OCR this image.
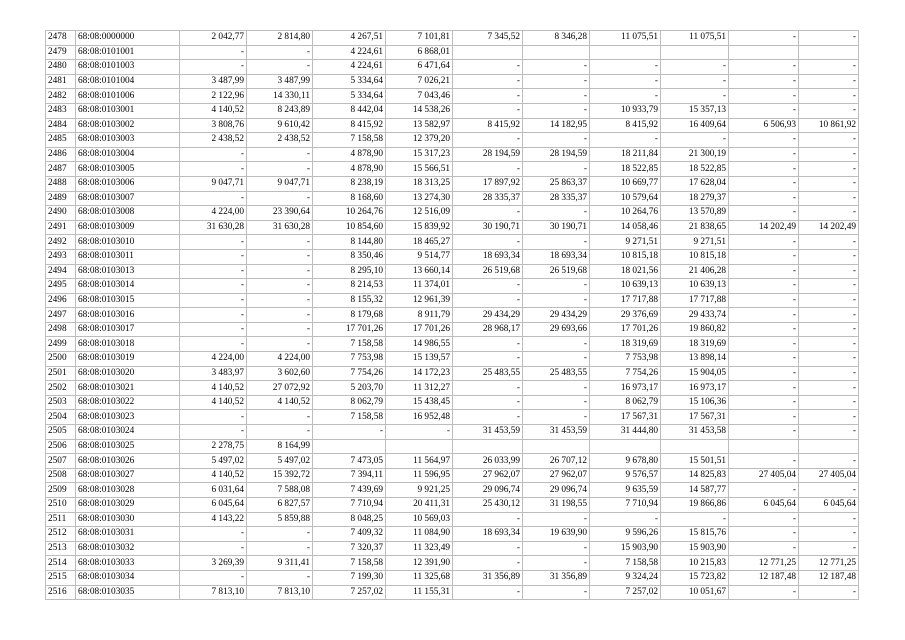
2478	68:08:0000000	2 042,77	2 814,80	4 267,51	7 101,81	7 345,52	8 346,28	11 075,51	11 075,51	-	-
2479	68:08:0101001	-	-	4 224,61	6 868,01						
2480	68:08:0101003	-	-	4 224,61	6 471,64	-	-	-	-	-	-
2481	68:08:0101004	3 487,99	3 487,99	5 334,64	7 026,21	-	-	-	-	-	-
2482	68:08:0101006	2 122,96	14 330,11	5 334,64	7 043,46	-	-	-	-	-	-
2483	68:08:0103001	4 140,52	8 243,89	8 442,04	14 538,26	-	-	10 933,79	15 357,13	-	-
2484	68:08:0103002	3 808,76	9 610,42	8 415,92	13 582,97	8 415,92	14 182,95	8 415,92	16 409,64	6 506,93	10 861,92
2485	68:08:0103003	2 438,52	2 438,52	7 158,58	12 379,20	-	-	-	-	-	-
2486	68:08:0103004	-	-	4 878,90	15 317,23	28 194,59	28 194,59	18 211,84	21 300,19	-	-
2487	68:08:0103005	-	-	4 878,90	15 566,51	-	-	18 522,85	18 522,85	-	-
2488	68:08:0103006	9 047,71	9 047,71	8 238,19	18 313,25	17 897,92	25 863,37	10 669,77	17 628,04	-	-
2489	68:08:0103007	-	-	8 168,60	13 274,30	28 335,37	28 335,37	10 579,64	18 279,37	-	-
2490	68:08:0103008	4 224,00	23 390,64	10 264,76	12 516,09	-	-	10 264,76	13 570,89	-	-
2491	68:08:0103009	31 630,28	31 630,28	10 854,60	15 839,92	30 190,71	30 190,71	14 058,46	21 838,65	14 202,49	14 202,49
2492	68:08:0103010	-	-	8 144,80	18 465,27	-	-	9 271,51	9 271,51	-	-
2493	68:08:0103011	-	-	8 350,46	9 514,77	18 693,34	18 693,34	10 815,18	10 815,18	-	-
2494	68:08:0103013	-	-	8 295,10	13 660,14	26 519,68	26 519,68	18 021,56	21 406,28	-	-
2495	68:08:0103014	-	-	8 214,53	11 374,01	-	-	10 639,13	10 639,13	-	-
2496	68:08:0103015	-	-	8 155,32	12 961,39	-	-	17 717,88	17 717,88	-	-
2497	68:08:0103016	-	-	8 179,68	8 911,79	29 434,29	29 434,29	29 376,69	29 433,74	-	-
2498	68:08:0103017	-	-	17 701,26	17 701,26	28 968,17	29 693,66	17 701,26	19 860,82	-	-
2499	68:08:0103018	-	-	7 158,58	14 986,55	-	-	18 319,69	18 319,69	-	-
2500	68:08:0103019	4 224,00	4 224,00	7 753,98	15 139,57	-	-	7 753,98	13 898,14	-	-
2501	68:08:0103020	3 483,97	3 602,60	7 754,26	14 172,23	25 483,55	25 483,55	7 754,26	15 904,05	-	-
2502	68:08:0103021	4 140,52	27 072,92	5 203,70	11 312,27	-	-	16 973,17	16 973,17	-	-
2503	68:08:0103022	4 140,52	4 140,52	8 062,79	15 438,45	-	-	8 062,79	15 106,36	-	-
2504	68:08:0103023	-	-	7 158,58	16 952,48	-	-	17 567,31	17 567,31	-	-
2505	68:08:0103024	-	-	-	-	31 453,59	31 453,59	31 444,80	31 453,58	-	-
2506	68:08:0103025	2 278,75	8 164,99								
2507	68:08:0103026	5 497,02	5 497,02	7 473,05	11 564,97	26 033,99	26 707,12	9 678,80	15 501,51	-	-
2508	68:08:0103027	4 140,52	15 392,72	7 394,11	11 596,95	27 962,07	27 962,07	9 576,57	14 825,83	27 405,04	27 405,04
2509	68:08:0103028	6 031,64	7 588,08	7 439,69	9 921,25	29 096,74	29 096,74	9 635,59	14 587,77	-	-
2510	68:08:0103029	6 045,64	6 827,57	7 710,94	20 411,31	25 430,12	31 198,55	7 710,94	19 866,86	6 045,64	6 045,64
2511	68:08:0103030	4 143,22	5 859,88	8 048,25	10 569,03	-	-	-	-	-	-
2512	68:08:0103031	-	-	7 409,32	11 084,90	18 693,34	19 639,90	9 596,26	15 815,76	-	-
2513	68:08:0103032	-	-	7 320,37	11 323,49	-	-	15 903,90	15 903,90	-	-
2514	68:08:0103033	3 269,39	9 311,41	7 158,58	12 391,90	-	-	7 158,58	10 215,83	12 771,25	12 771,25
2515	68:08:0103034	-	-	7 199,30	11 325,68	31 356,89	31 356,89	9 324,24	15 723,82	12 187,48	12 187,48
2516	68:08:0103035	7 813,10	7 813,10	7 257,02	11 155,31	-	-	7 257,02	10 051,67	-	-
